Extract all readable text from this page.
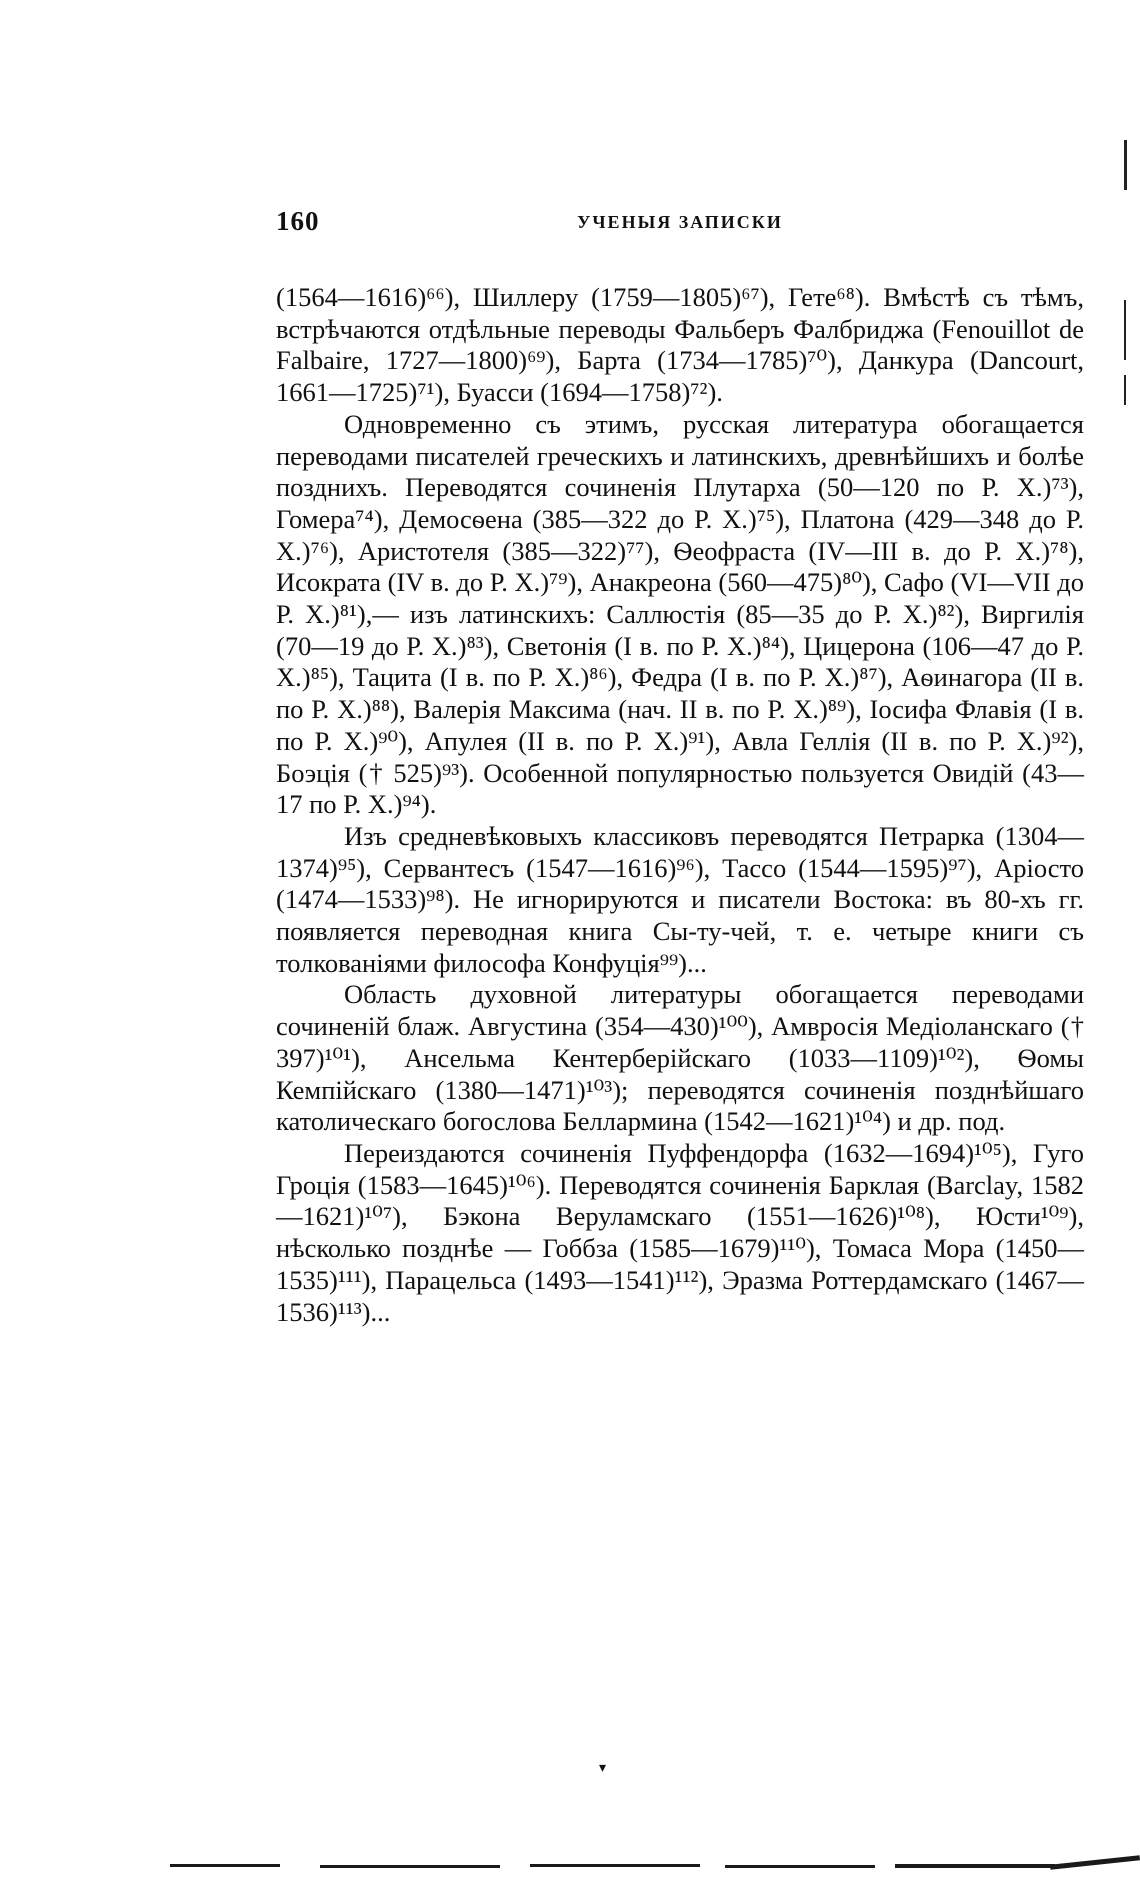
160	УЧЕНЫЯ ЗАПИСКИ

(1564—1616)⁶⁶), Шиллеру (1759—1805)⁶⁷), Гете⁶⁸). Вмѣстѣ съ тѣмъ, встрѣчаются отдѣльные переводы Фальберъ Фалбриджа (Fenouillot de Falbaire, 1727—1800)⁶⁹), Барта (1734—1785)⁷⁰), Данкура (Dancourt, 1661—1725)⁷¹), Буасси (1694—1758)⁷²).

Одновременно съ этимъ, русская литература обогащается переводами писателей греческихъ и латинскихъ, древнѣйшихъ и болѣе позднихъ. Переводятся сочиненія Плутарха (50—120 по Р. X.)⁷³), Гомера⁷⁴), Демосѳена (385—322 до Р. X.)⁷⁵), Платона (429—348 до Р. X.)⁷⁶), Аристотеля (385—322)⁷⁷), Ѳеофраста (IV—III в. до Р. X.)⁷⁸), Исократа (IV в. до Р. X.)⁷⁹), Анакреона (560—475)⁸⁰), Сафо (VI—VII до Р. X.)⁸¹),— изъ латинскихъ: Саллюстія (85—35 до Р. X.)⁸²), Виргилія (70—19 до Р. X.)⁸³), Светонія (I в. по Р. X.)⁸⁴), Цицерона (106—47 до Р. X.)⁸⁵), Тацита (I в. по Р. X.)⁸⁶), Федра (I в. по Р. X.)⁸⁷), Аѳинагора (II в. по Р. X.)⁸⁸), Валерія Максима (нач. II в. по Р. X.)⁸⁹), Іосифа Флавія (I в. по Р. X.)⁹⁰), Апулея (II в. по Р. X.)⁹¹), Авла Геллія (II в. по Р. X.)⁹²), Боэція († 525)⁹³). Особенной популярностью пользуется Овидій (43—17 по Р. X.)⁹⁴).

Изъ средневѣковыхъ классиковъ переводятся Петрарка (1304—1374)⁹⁵), Сервантесъ (1547—1616)⁹⁶), Тассо (1544—1595)⁹⁷), Аріосто (1474—1533)⁹⁸). Не игнорируются и писатели Востока: въ 80-хъ гг. появляется переводная книга Сы-ту-чей, т. е. четыре книги съ толкованіями философа Конфуція⁹⁹)...

Область духовной литературы обогащается переводами сочиненій блаж. Августина (354—430)¹⁰⁰), Амвросія Медіоланскаго († 397)¹⁰¹), Ансельма Кентерберійскаго (1033—1109)¹⁰²), Ѳомы Кемпійскаго (1380—1471)¹⁰³); переводятся сочиненія позднѣйшаго католическаго богослова Беллармина (1542—1621)¹⁰⁴) и др. под.

Переиздаются сочиненія Пуффендорфа (1632—1694)¹⁰⁵), Гуго Гроція (1583—1645)¹⁰⁶). Переводятся сочиненія Барклая (Barclay, 1582—1621)¹⁰⁷), Бэкона Веруламскаго (1551—1626)¹⁰⁸), Юсти¹⁰⁹), нѣсколько позднѣе — Гоббза (1585—1679)¹¹⁰), Томаса Мора (1450—1535)¹¹¹), Парацельса (1493—1541)¹¹²), Эразма Роттердамскаго (1467—1536)¹¹³)...

▾
